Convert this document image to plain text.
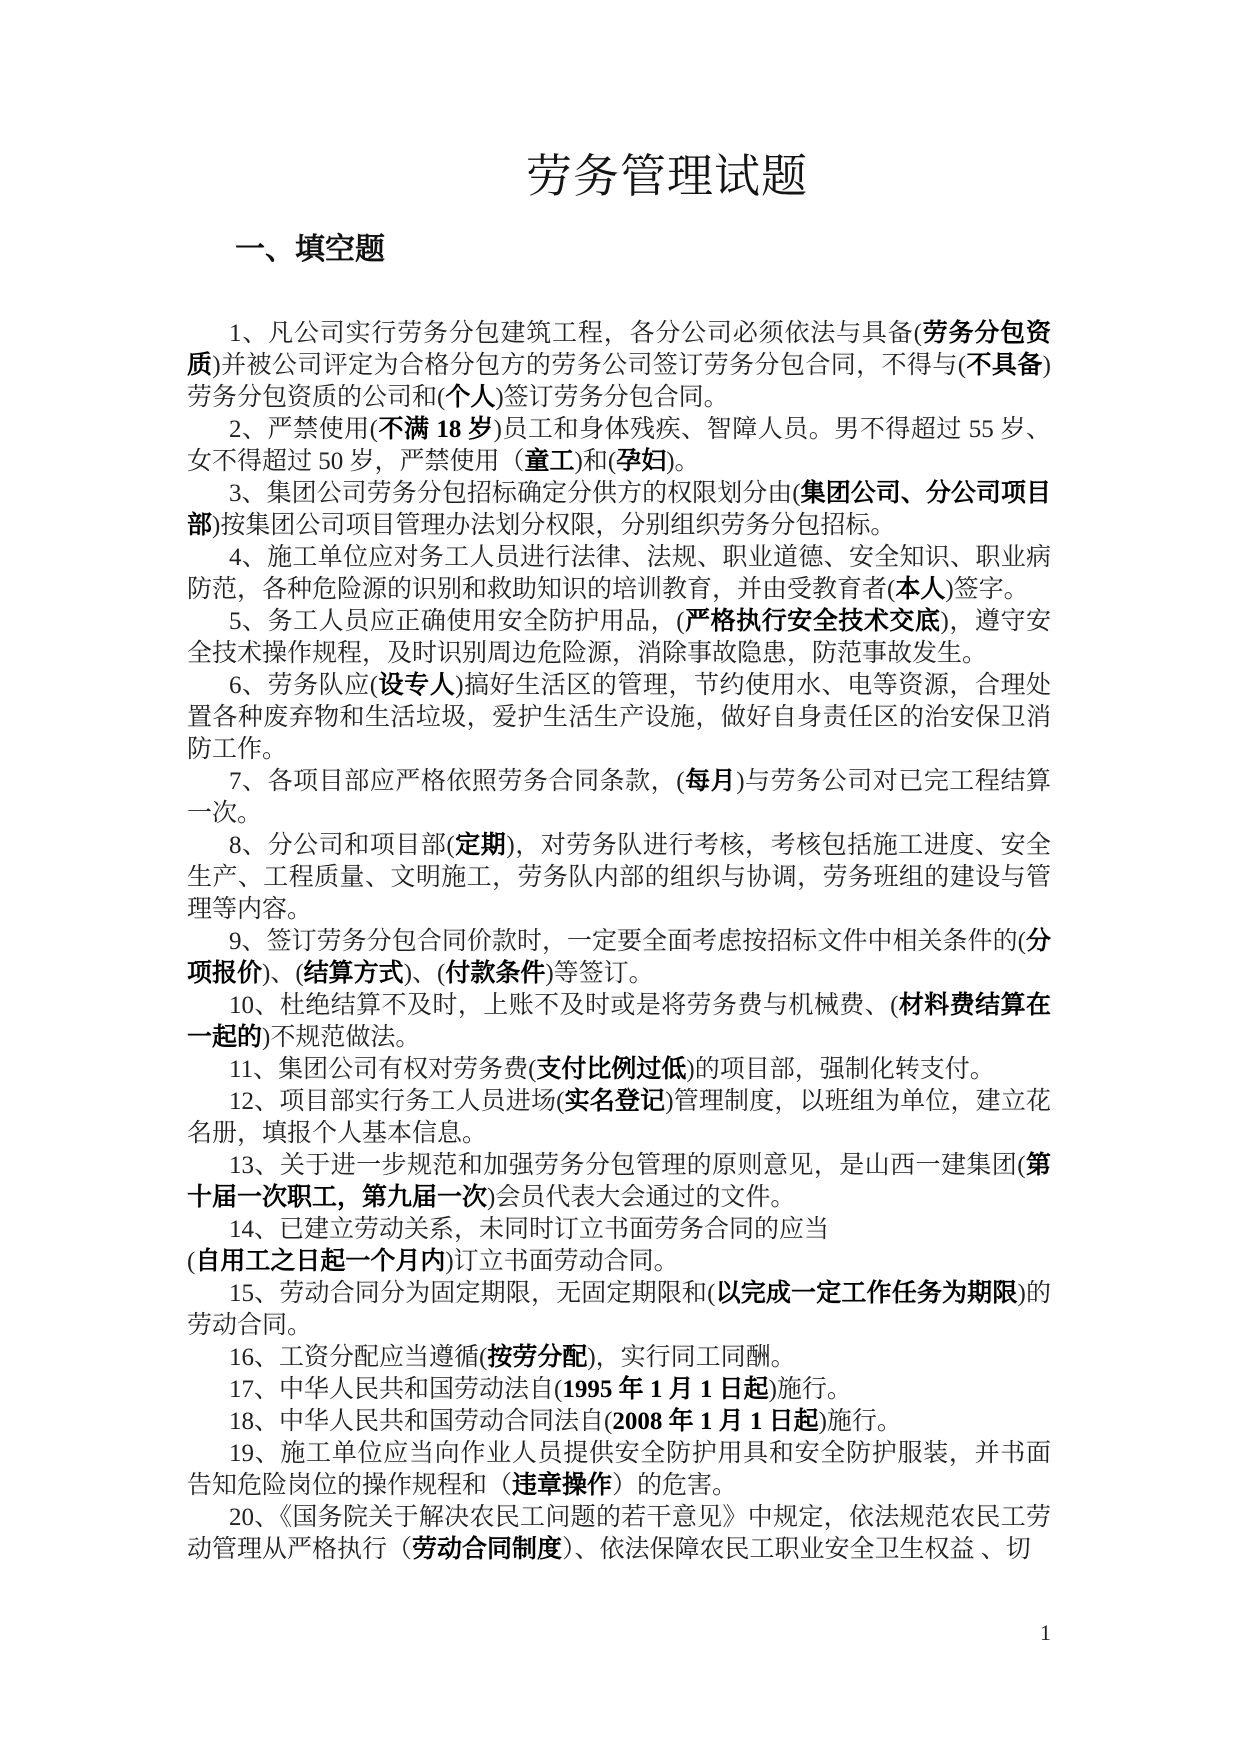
劳务管理试题
一、填空题

1、凡公司实行劳务分包建筑工程，各分公司必须依法与具备(劳务分包资质)并被公司评定为合格分包方的劳务公司签订劳务分包合同，不得与(不具备)劳务分包资质的公司和(个人)签订劳务分包合同。

2、严禁使用(不满 18 岁)员工和身体残疾、智障人员。男不得超过 55 岁、女不得超过 50 岁，严禁使用（童工)和(孕妇)。

3、集团公司劳务分包招标确定分供方的权限划分由(集团公司、分公司项目部)按集团公司项目管理办法划分权限，分别组织劳务分包招标。

4、施工单位应对务工人员进行法律、法规、职业道德、安全知识、职业病防范，各种危险源的识别和救助知识的培训教育，并由受教育者(本人)签字。

5、务工人员应正确使用安全防护用品，(严格执行安全技术交底)，遵守安全技术操作规程，及时识别周边危险源，消除事故隐患，防范事故发生。

6、劳务队应(设专人)搞好生活区的管理，节约使用水、电等资源，合理处置各种废弃物和生活垃圾，爱护生活生产设施，做好自身责任区的治安保卫消防工作。

7、各项目部应严格依照劳务合同条款，(每月)与劳务公司对已完工程结算一次。

8、分公司和项目部(定期)，对劳务队进行考核，考核包括施工进度、安全生产、工程质量、文明施工，劳务队内部的组织与协调，劳务班组的建设与管理等内容。

9、签订劳务分包合同价款时，一定要全面考虑按招标文件中相关条件的(分项报价)、(结算方式)、(付款条件)等签订。

10、杜绝结算不及时，上账不及时或是将劳务费与机械费、(材料费结算在一起的)不规范做法。

11、集团公司有权对劳务费(支付比例过低)的项目部，强制化转支付。

12、项目部实行务工人员进场(实名登记)管理制度，以班组为单位，建立花名册，填报个人基本信息。

13、关于进一步规范和加强劳务分包管理的原则意见，是山西一建集团(第十届一次职工，第九届一次)会员代表大会通过的文件。

14、已建立劳动关系，未同时订立书面劳务合同的应当
(自用工之日起一个月内)订立书面劳动合同。

15、劳动合同分为固定期限，无固定期限和(以完成一定工作任务为期限)的劳动合同。

16、工资分配应当遵循(按劳分配)，实行同工同酬。

17、中华人民共和国劳动法自(1995 年 1 月 1 日起)施行。

18、中华人民共和国劳动合同法自(2008 年 1 月 1 日起)施行。

19、施工单位应当向作业人员提供安全防护用具和安全防护服装，并书面告知危险岗位的操作规程和（违章操作）的危害。

20、《国务院关于解决农民工问题的若干意见》中规定，依法规范农民工劳动管理从严格执行（劳动合同制度）、依法保障农民工职业安全卫生权益 、切

1
